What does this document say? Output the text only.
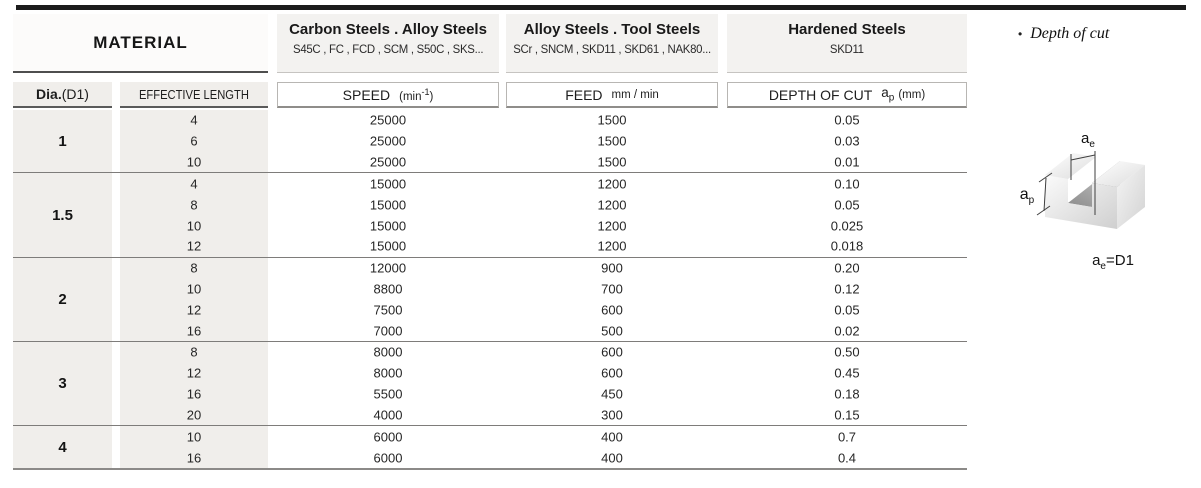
MATERIAL
Carbon Steels . Alloy Steels
S45C , FC , FCD , SCM , S50C , SKS...
Alloy Steels . Tool Steels
SCr , SNCM , SKD11 , SKD61 , NAK80...
Hardened Steels
SKD11
• Depth of cut
Dia. (D1)	EFFECTIVE LENGTH	SPEED $(\min^{-1})$	FEED mm / min	DEPTH OF CUT $a_p$ (mm)
1
4	25000	1500	0.05
6	25000	1500	0.03
10	25000	1500	0.01
1.5
4	15000	1200	0.10
8	15000	1200	0.05
10	15000	1200	0.025
12	15000	1200	0.018
2
8	12000	900	0.20
10	8800	700	0.12
12	7500	600	0.05
16	7000	500	0.02
3
8	8000	600	0.50
12	8000	600	0.45
16	5500	450	0.18
20	4000	300	0.15
4
10	6000	400	0.7
16	6000	400	0.4
$a_e$
$a_p$
$a_e=D1$
